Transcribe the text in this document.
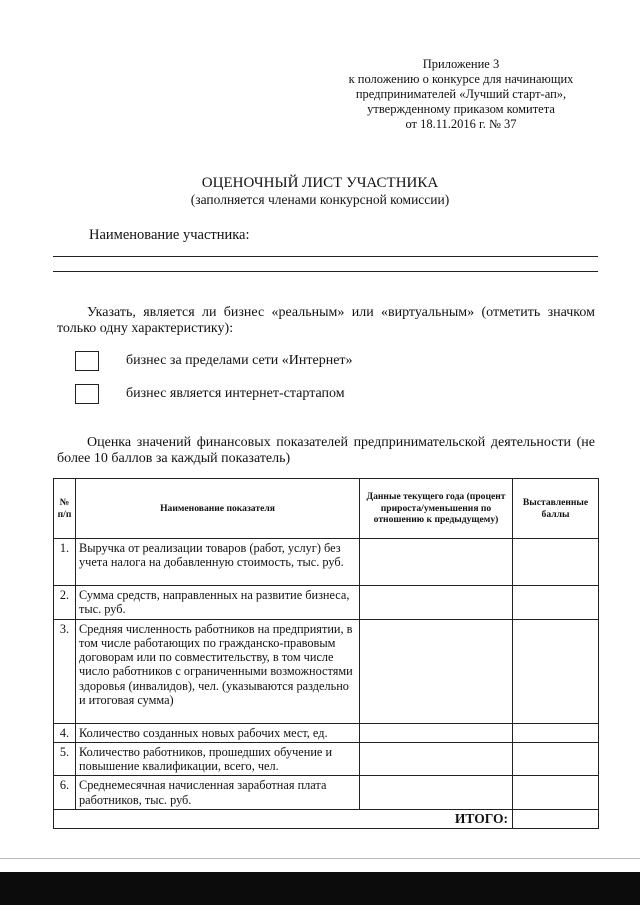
Приложение 3
к положению о конкурсе для начинающих
предпринимателей «Лучший старт-ап»,
утвержденному приказом комитета
от 18.11.2016 г. № 37
ОЦЕНОЧНЫЙ ЛИСТ УЧАСТНИКА
(заполняется членами конкурсной комиссии)
Наименование участника:
Указать, является ли бизнес «реальным» или «виртуальным» (отметить значком только одну характеристику):
бизнес за пределами сети «Интернет»
бизнес является интернет-стартапом
Оценка значений финансовых показателей предпринимательской деятельности (не более 10 баллов за каждый показатель)
№ п/п	Наименование показателя	Данные текущего года (процент прироста/уменьшения по отношению к предыдущему)	Выставленные баллы
1.	Выручка от реализации товаров (работ, услуг) без учета налога на добавленную стоимость, тыс. руб.		
2.	Сумма средств, направленных на развитие бизнеса, тыс. руб.		
3.	Средняя численность работников на предприятии, в том числе работающих по гражданско-правовым договорам или по совместительству, в том числе число работников с ограниченными возможностями здоровья (инвалидов), чел. (указываются раздельно и итоговая сумма)		
4.	Количество созданных новых рабочих мест, ед.		
5.	Количество работников, прошедших обучение и повышение квалификации, всего, чел.		
6.	Среднемесячная начисленная заработная плата работников, тыс. руб.		
		ИТОГО:	
